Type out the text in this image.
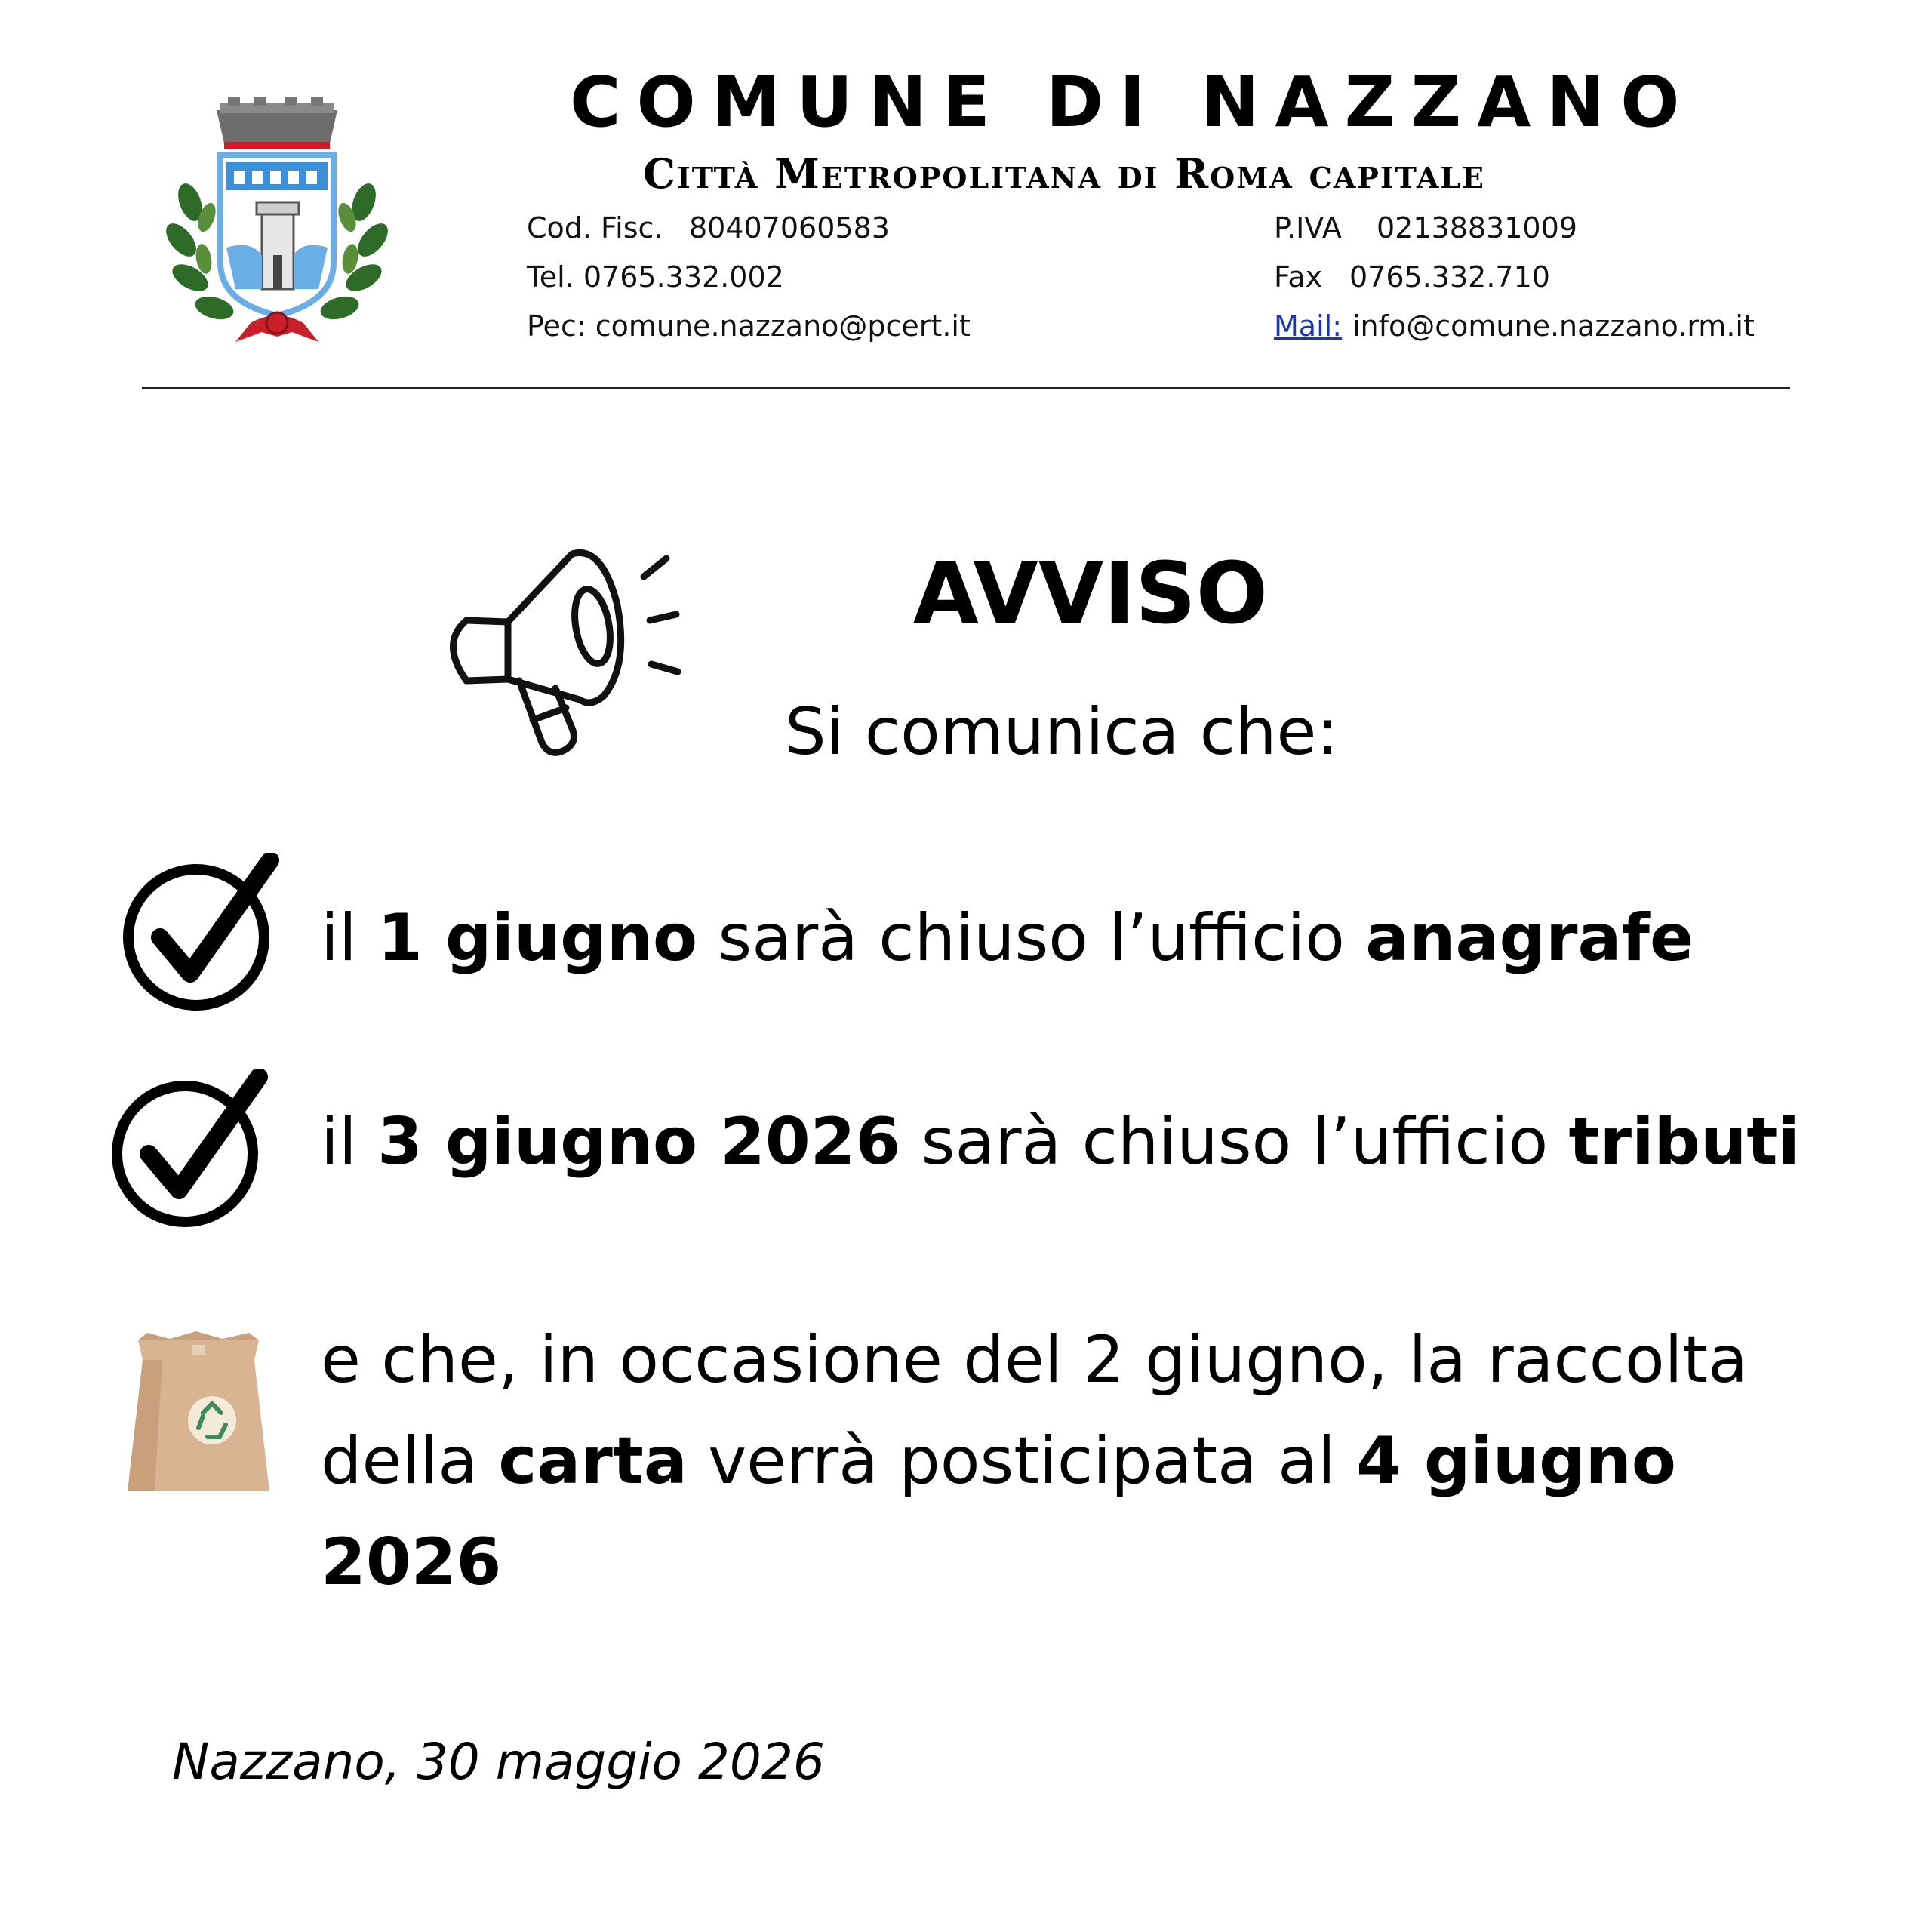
COMUNE DI NAZZANO
Città Metropolitana di Roma capitale
Cod. Fisc. 80407060583
Tel. 0765.332.002
Pec: comune.nazzano@pcert.it
P.IVA 02138831009
Fax 0765.332.710
Mail: info@comune.nazzano.rm.it
AVVISO
Si comunica che:
il 1 giugno sarà chiuso l’ufficio anagrafe
il 3 giugno 2026 sarà chiuso l’ufficio tributi
e che, in occasione del 2 giugno, la raccolta
della carta verrà posticipata al 4 giugno
2026
Nazzano, 30 maggio 2026
